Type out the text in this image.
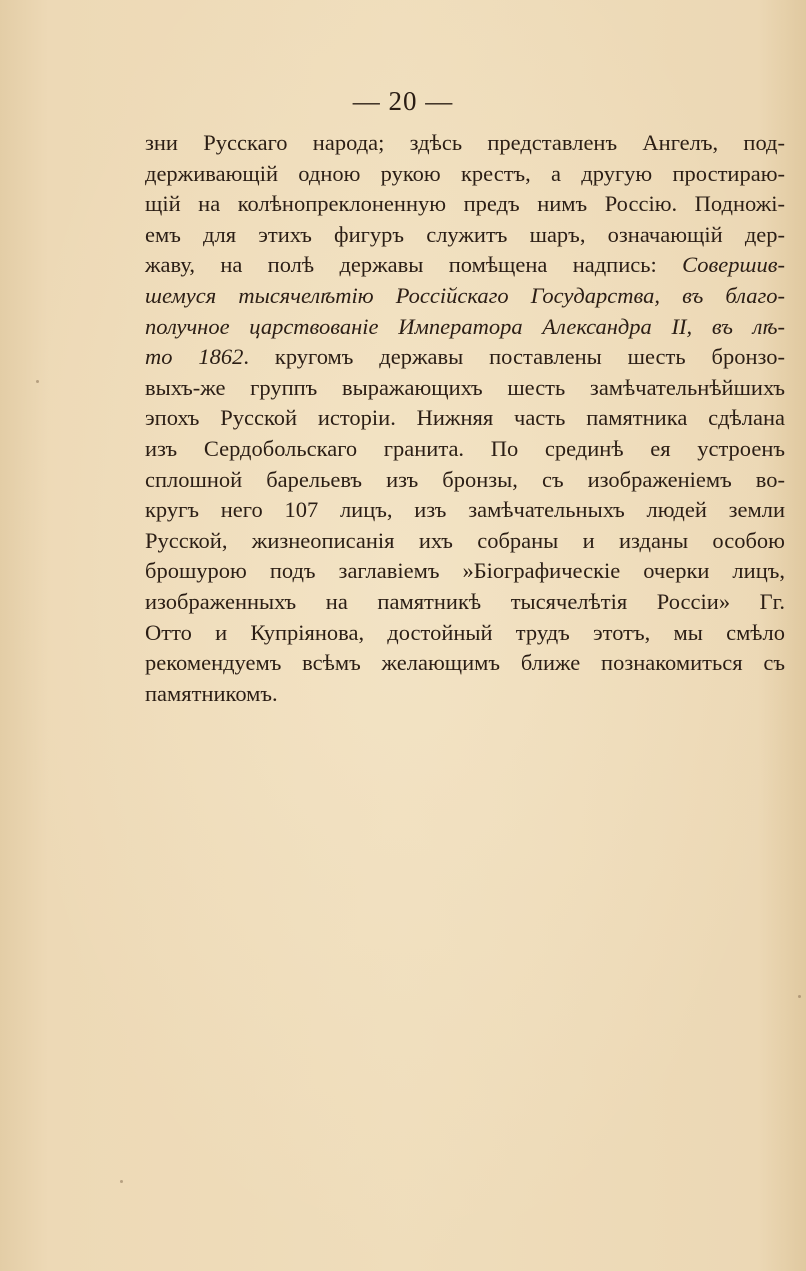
— 20 —
зни Русскаго народа; здѣсь представленъ Ангелъ, под-
держивающій одною рукою крестъ, а другую простираю-
щій на колѣнопреклоненную предъ нимъ Россію. Подножі-
емъ для этихъ фигуръ служитъ шаръ, означающій дер-
жаву, на полѣ державы помѣщена надпись: Совершив-
шемуся тысячелѣтію Россійскаго Государства, въ благо-
получное царствованіе Императора Александра II, въ лѣ-
то 1862. кругомъ державы поставлены шесть бронзо-
выхъ-же группъ выражающихъ шесть замѣчательнѣйшихъ
эпохъ Русской исторіи. Нижняя часть памятника сдѣлана
изъ Сердобольскаго гранита. По срединѣ ея устроенъ
сплошной барельевъ изъ бронзы, съ изображеніемъ во-
кругъ него 107 лицъ, изъ замѣчательныхъ людей земли
Русской, жизнеописанія ихъ собраны и изданы особою
брошурою подъ заглавіемъ »Біографическіе очерки лицъ,
изображенныхъ на памятникѣ тысячелѣтія Россіи» Гг.
Отто и Купріянова, достойный трудъ этотъ, мы смѣло
рекомендуемъ всѣмъ желающимъ ближе познакомиться съ
памятникомъ.
